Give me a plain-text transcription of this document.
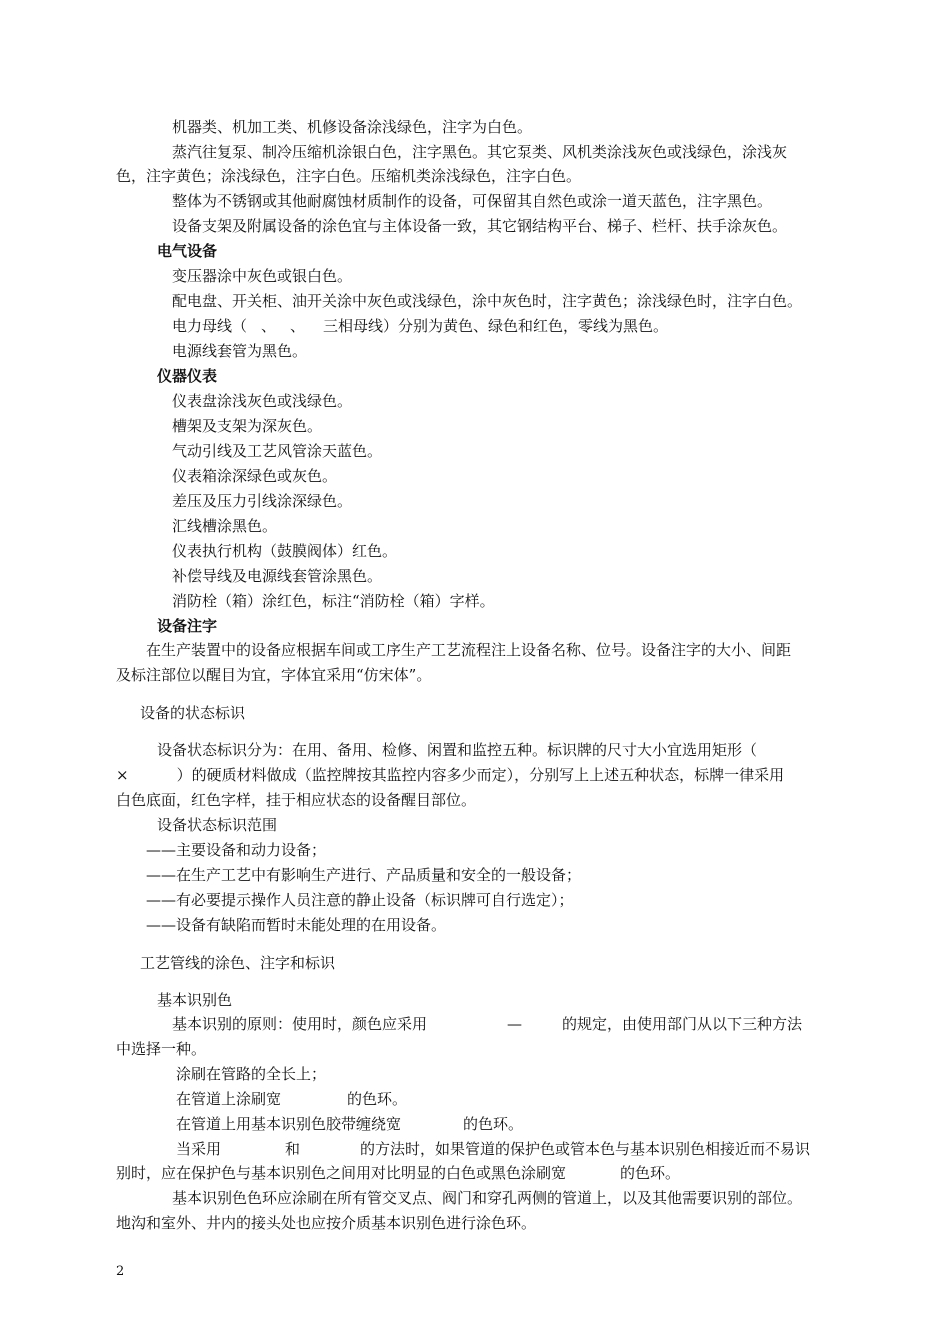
机器类、机加工类、机修设备涂浅绿色，注字为白色。
蒸汽往复泵、制冷压缩机涂银白色，注字黑色。其它泵类、风机类涂浅灰色或浅绿色，涂浅灰
色，注字黄色；涂浅绿色，注字白色。压缩机类涂浅绿色，注字白色。
整体为不锈钢或其他耐腐蚀材质制作的设备，可保留其自然色或涂一道天蓝色，注字黑色。
设备支架及附属设备的涂色宜与主体设备一致，其它钢结构平台、梯子、栏杆、扶手涂灰色。
电气设备
变压器涂中灰色或银白色。
配电盘、开关柜、油开关涂中灰色或浅绿色，涂中灰色时，注字黄色；涂浅绿色时，注字白色。
电力母线（ 、 、 三相母线）分别为黄色、绿色和红色，零线为黑色。
电源线套管为黑色。
仪器仪表
仪表盘涂浅灰色或浅绿色。
槽架及支架为深灰色。
气动引线及工艺风管涂天蓝色。
仪表箱涂深绿色或灰色。
差压及压力引线涂深绿色。
汇线槽涂黑色。
仪表执行机构（鼓膜阀体）红色。
补偿导线及电源线套管涂黑色。
消防栓（箱）涂红色，标注“消防栓（箱）字样。
设备注字
在生产装置中的设备应根据车间或工序生产工艺流程注上设备名称、位号。设备注字的大小、间距
及标注部位以醒目为宜，字体宜采用“仿宋体”。
设备的状态标识
设备状态标识分为：在用、备用、检修、闲置和监控五种。标识牌的尺寸大小宜选用矩形（
×	）的硬质材料做成（监控牌按其监控内容多少而定），分别写上上述五种状态，标牌一律采用
白色底面，红色字样，挂于相应状态的设备醒目部位。
设备状态标识范围
——主要设备和动力设备；
——在生产工艺中有影响生产进行、产品质量和安全的一般设备；
——有必要提示操作人员注意的静止设备（标识牌可自行选定）；
——设备有缺陷而暂时未能处理的在用设备。
工艺管线的涂色、注字和标识
基本识别色
基本识别的原则：使用时，颜色应采用	—	的规定，由使用部门从以下三种方法
中选择一种。
涂刷在管路的全长上；
在管道上涂刷宽	的色环。
在管道上用基本识别色胶带缠绕宽	的色环。
当采用	和	的方法时，如果管道的保护色或管本色与基本识别色相接近而不易识
别时，应在保护色与基本识别色之间用对比明显的白色或黑色涂刷宽	的色环。
基本识别色色环应涂刷在所有管交叉点、阀门和穿孔两侧的管道上，以及其他需要识别的部位。
地沟和室外、井内的接头处也应按介质基本识别色进行涂色环。
2
